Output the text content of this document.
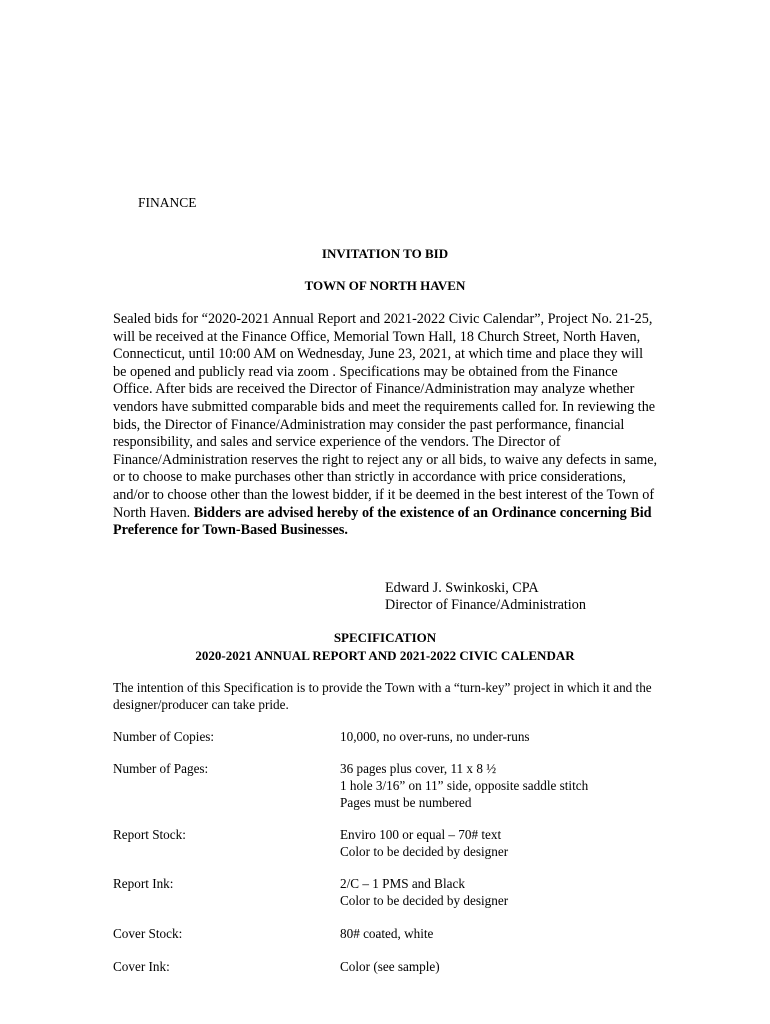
FINANCE
INVITATION TO BID
TOWN OF NORTH HAVEN
Sealed bids for “2020-2021 Annual Report and 2021-2022 Civic Calendar”, Project No. 21-25, will be received at the Finance Office, Memorial Town Hall, 18 Church Street, North Haven, Connecticut, until 10:00 AM on Wednesday, June 23, 2021, at which time and place they will be opened and publicly read via zoom . Specifications may be obtained from the Finance Office. After bids are received the Director of Finance/Administration may analyze whether vendors have submitted comparable bids and meet the requirements called for. In reviewing the bids, the Director of Finance/Administration may consider the past performance, financial responsibility, and sales and service experience of the vendors. The Director of Finance/Administration reserves the right to reject any or all bids, to waive any defects in same, or to choose to make purchases other than strictly in accordance with price considerations, and/or to choose other than the lowest bidder, if it be deemed in the best interest of the Town of North Haven. Bidders are advised hereby of the existence of an Ordinance concerning Bid Preference for Town-Based Businesses.
Edward J. Swinkoski, CPA
Director of Finance/Administration
SPECIFICATION
2020-2021 ANNUAL REPORT AND 2021-2022 CIVIC CALENDAR
The intention of this Specification is to provide the Town with a “turn-key” project in which it and the designer/producer can take pride.
Number of Copies:	10,000, no over-runs, no under-runs
Number of Pages:	36 pages plus cover, 11 x 8 ½
1 hole 3/16” on 11” side, opposite saddle stitch
Pages must be numbered
Report Stock:	Enviro 100 or equal – 70# text
Color to be decided by designer
Report Ink:	2/C – 1 PMS and Black
Color to be decided by designer
Cover Stock:	80# coated, white
Cover Ink:	Color (see sample)
